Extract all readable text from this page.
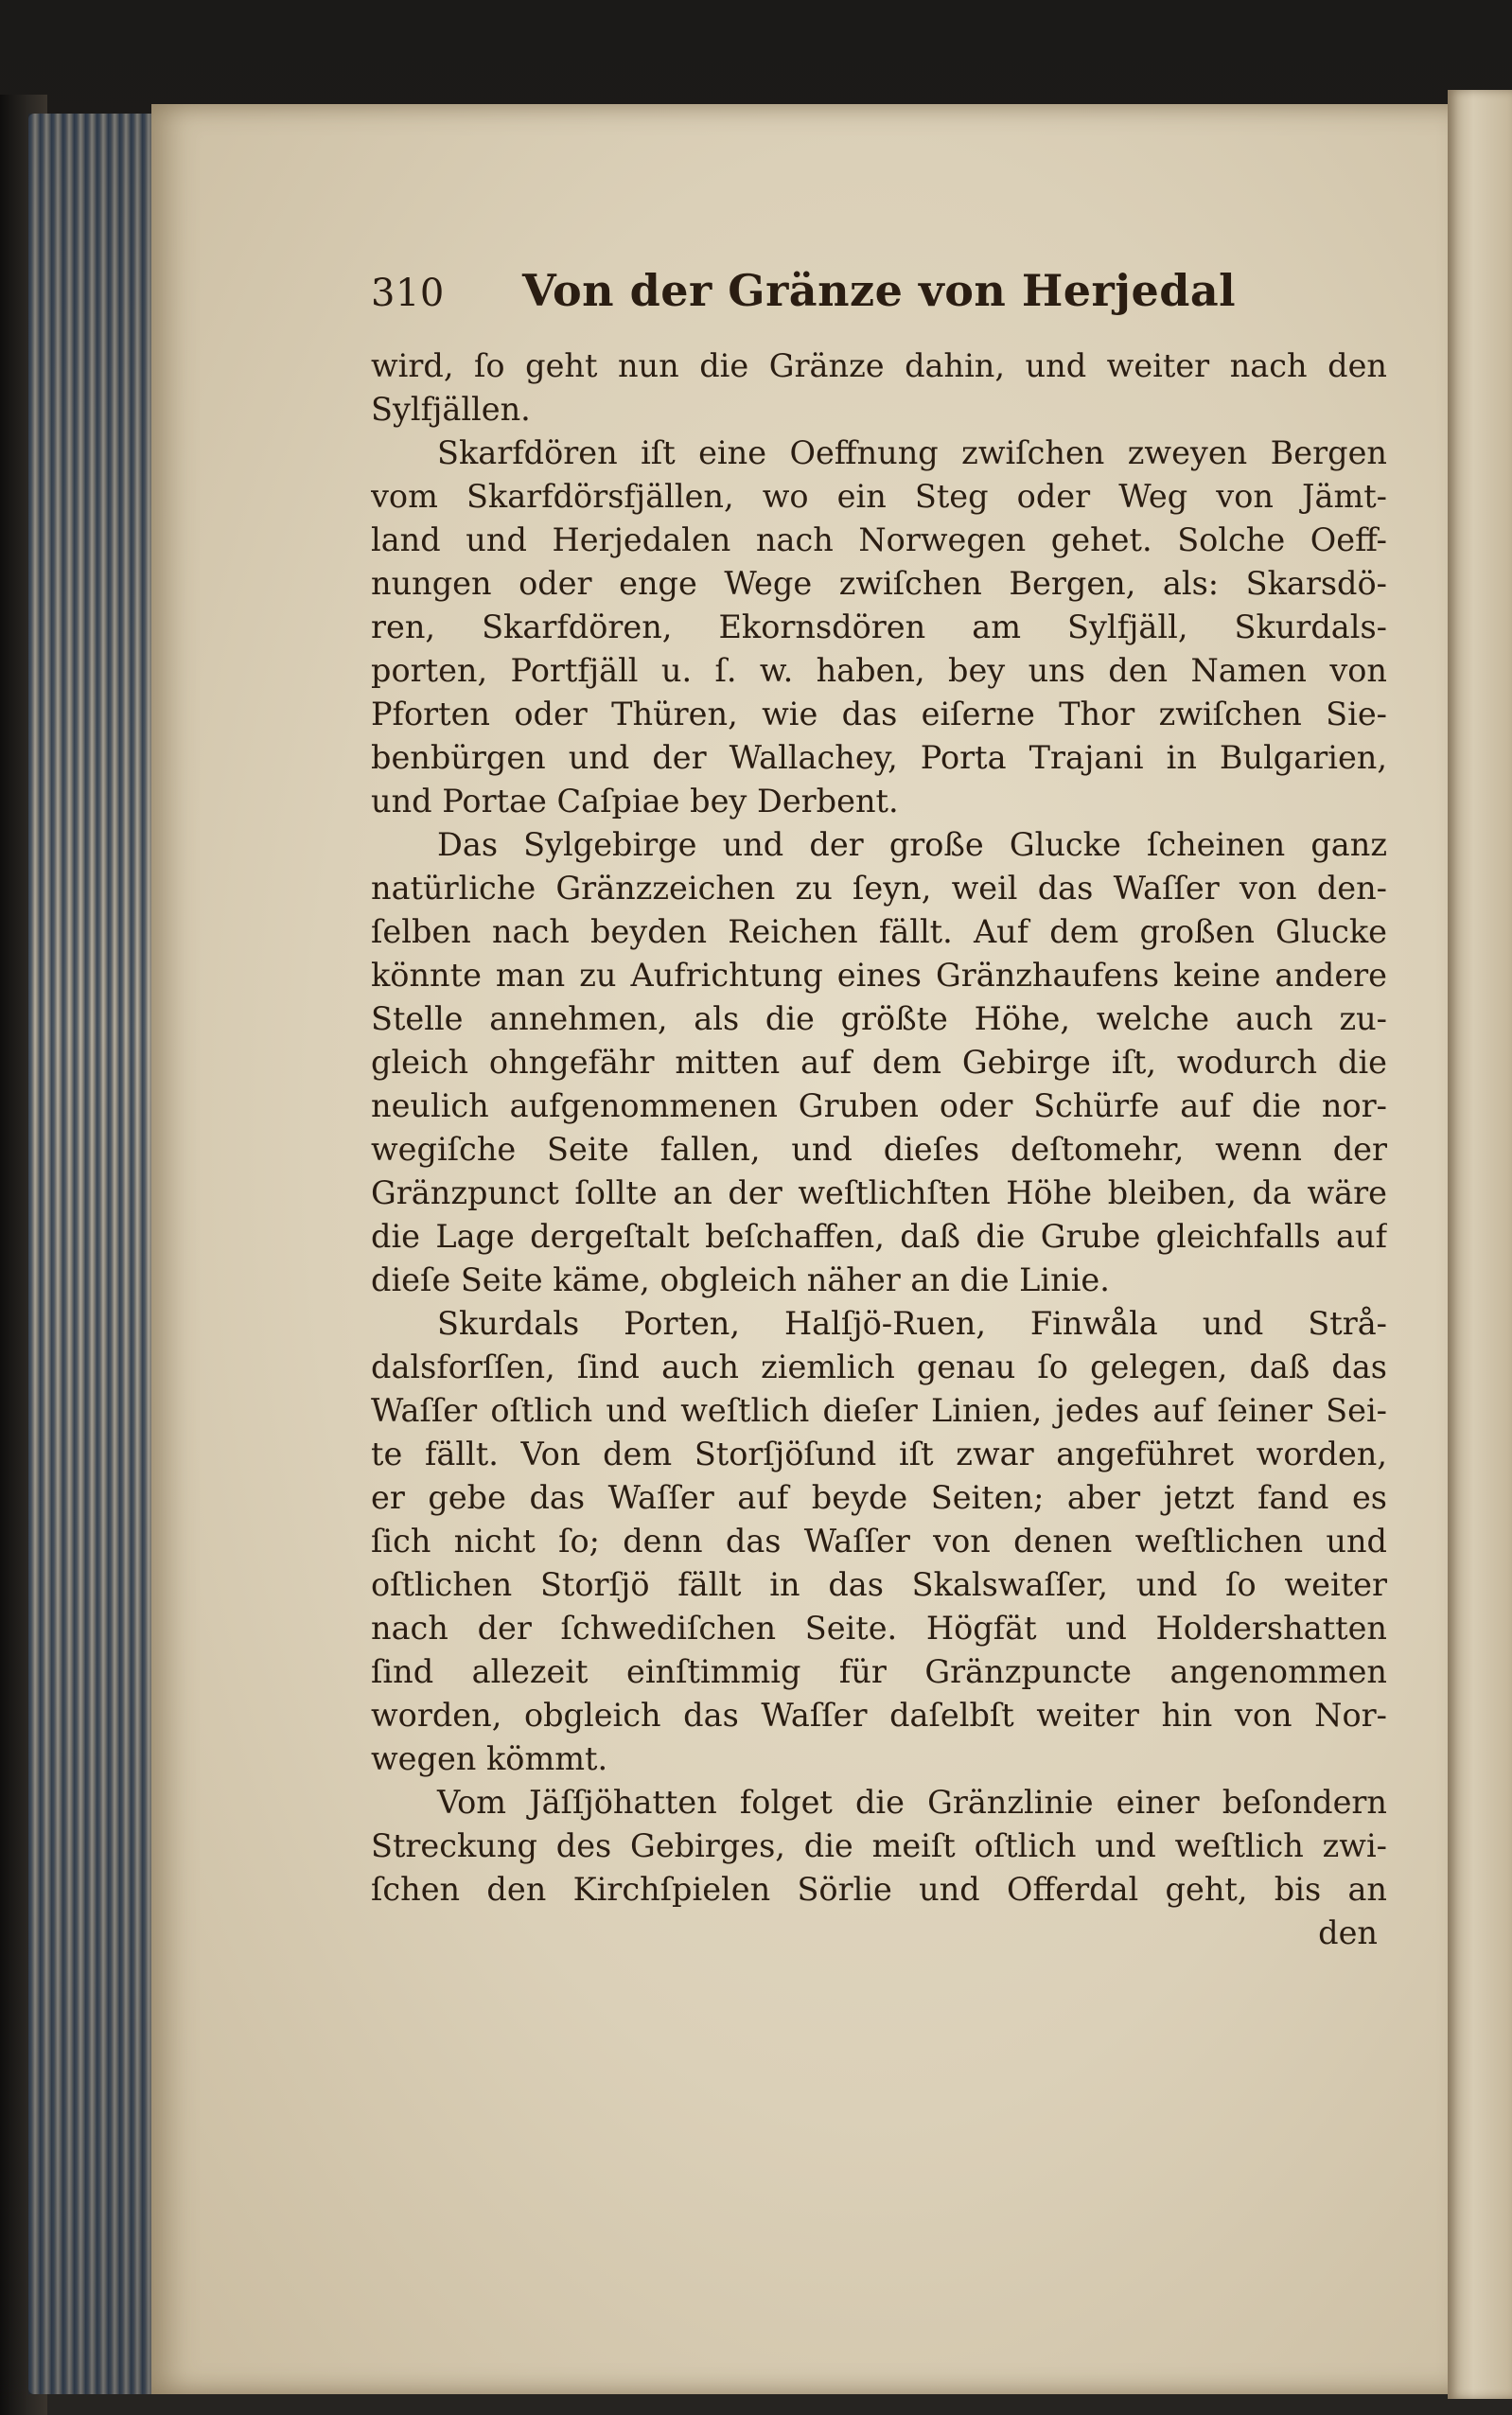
310	Von der Gränze von Herjedal
wird, ſo geht nun die Gränze dahin, und weiter nach den
Sylfjällen.
Skarfdören iſt eine Oeffnung zwiſchen zweyen Bergen
vom Skarfdörsfjällen, wo ein Steg oder Weg von Jämt-
land und Herjedalen nach Norwegen gehet. Solche Oeff-
nungen oder enge Wege zwiſchen Bergen, als: Skarsdö-
ren, Skarfdören, Ekornsdören am Sylfjäll, Skurdals-
porten, Portfjäll u. ſ. w. haben, bey uns den Namen von
Pforten oder Thüren, wie das eiſerne Thor zwiſchen Sie-
benbürgen und der Wallachey, Porta Trajani in Bulgarien,
und Portae Caſpiae bey Derbent.
Das Sylgebirge und der große Glucke ſcheinen ganz
natürliche Gränzzeichen zu ſeyn, weil das Waſſer von den-
ſelben nach beyden Reichen fällt. Auf dem großen Glucke
könnte man zu Aufrichtung eines Gränzhaufens keine andere
Stelle annehmen, als die größte Höhe, welche auch zu-
gleich ohngefähr mitten auf dem Gebirge iſt, wodurch die
neulich aufgenommenen Gruben oder Schürfe auf die nor-
wegiſche Seite fallen, und dieſes deſtomehr, wenn der
Gränzpunct ſollte an der weſtlichſten Höhe bleiben, da wäre
die Lage dergeſtalt beſchaffen, daß die Grube gleichfalls auf
dieſe Seite käme, obgleich näher an die Linie.
Skurdals Porten, Halſjö-Ruen, Finwåla und Strå-
dalsforſſen, ſind auch ziemlich genau ſo gelegen, daß das
Waſſer oſtlich und weſtlich dieſer Linien, jedes auf ſeiner Sei-
te fällt. Von dem Storſjöſund iſt zwar angeführet worden,
er gebe das Waſſer auf beyde Seiten; aber jetzt fand es
ſich nicht ſo; denn das Waſſer von denen weſtlichen und
oſtlichen Storſjö fällt in das Skalswaſſer, und ſo weiter
nach der ſchwediſchen Seite. Högfät und Holdershatten
ſind allezeit einſtimmig für Gränzpuncte angenommen
worden, obgleich das Waſſer daſelbſt weiter hin von Nor-
wegen kömmt.
Vom Jäſſjöhatten folget die Gränzlinie einer beſondern
Streckung des Gebirges, die meiſt oſtlich und weſtlich zwi-
ſchen den Kirchſpielen Sörlie und Offerdal geht, bis an
den
